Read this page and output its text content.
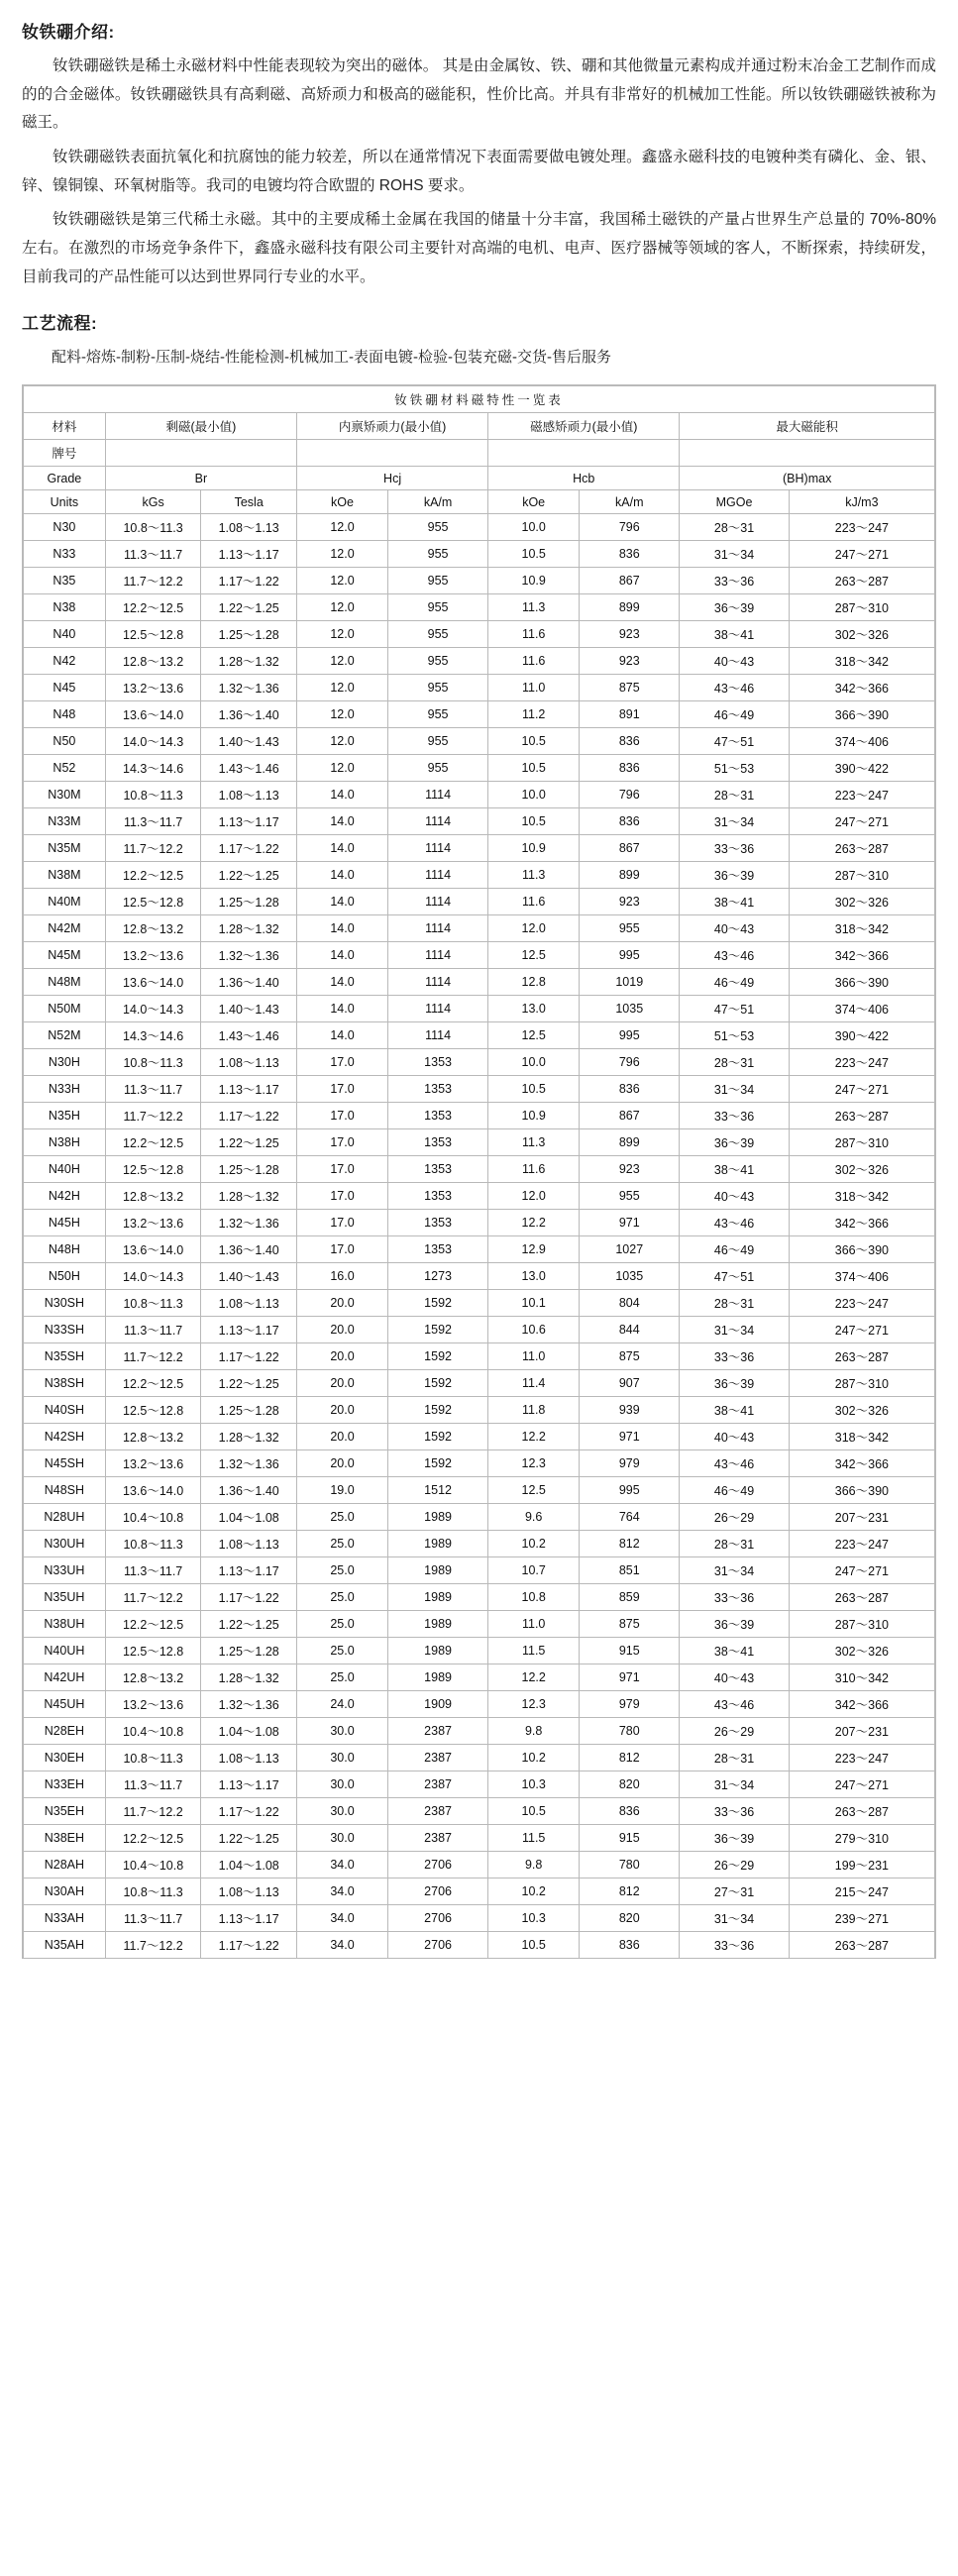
钕铁硼介绍:

钕铁硼磁铁是稀土永磁材料中性能表现较为突出的磁体。 其是由金属钕、铁、硼和其他微量元素构成并通过粉末冶金工艺制作而成的的合金磁体。钕铁硼磁铁具有高剩磁、高矫顽力和极高的磁能积，性价比高。并具有非常好的机械加工性能。所以钕铁硼磁铁被称为磁王。

钕铁硼磁铁表面抗氧化和抗腐蚀的能力较差，所以在通常情况下表面需要做电镀处理。鑫盛永磁科技的电镀种类有磷化、金、银、锌、镍铜镍、环氧树脂等。我司的电镀均符合欧盟的 ROHS 要求。

钕铁硼磁铁是第三代稀土永磁。其中的主要成稀土金属在我国的储量十分丰富，我国稀土磁铁的产量占世界生产总量的 70%-80%左右。在激烈的市场竞争条件下，鑫盛永磁科技有限公司主要针对高端的电机、电声、医疗器械等领域的客人，不断探索，持续研发，目前我司的产品性能可以达到世界同行专业的水平。

工艺流程:
配料-熔炼-制粉-压制-烧结-性能检测-机械加工-表面电镀-检验-包装充磁-交货-售后服务
钕铁硼材料磁特性一览表								
材料	剩磁(最小值)		内禀矫顽力(最小值)		磁感矫顽力(最小值)		最大磁能积	
牌号								
Grade	Br		Hcj		Hcb		(BH)max	
Units	kGs	Tesla	kOe	kA/m	kOe	kA/m	MGOe	kJ/m3
N30	10.8～11.3	1.08～1.13	12.0	955	10.0	796	28～31	223～247
N33	11.3～11.7	1.13～1.17	12.0	955	10.5	836	31～34	247～271
N35	11.7～12.2	1.17～1.22	12.0	955	10.9	867	33～36	263～287
N38	12.2～12.5	1.22～1.25	12.0	955	11.3	899	36～39	287～310
N40	12.5～12.8	1.25～1.28	12.0	955	11.6	923	38～41	302～326
N42	12.8～13.2	1.28～1.32	12.0	955	11.6	923	40～43	318～342
N45	13.2～13.6	1.32～1.36	12.0	955	11.0	875	43～46	342～366
N48	13.6～14.0	1.36～1.40	12.0	955	11.2	891	46～49	366～390
N50	14.0～14.3	1.40～1.43	12.0	955	10.5	836	47～51	374～406
N52	14.3～14.6	1.43～1.46	12.0	955	10.5	836	51～53	390～422
N30M	10.8～11.3	1.08～1.13	14.0	1114	10.0	796	28～31	223～247
N33M	11.3～11.7	1.13～1.17	14.0	1114	10.5	836	31～34	247～271
N35M	11.7～12.2	1.17～1.22	14.0	1114	10.9	867	33～36	263～287
N38M	12.2～12.5	1.22～1.25	14.0	1114	11.3	899	36～39	287～310
N40M	12.5～12.8	1.25～1.28	14.0	1114	11.6	923	38～41	302～326
N42M	12.8～13.2	1.28～1.32	14.0	1114	12.0	955	40～43	318～342
N45M	13.2～13.6	1.32～1.36	14.0	1114	12.5	995	43～46	342～366
N48M	13.6～14.0	1.36～1.40	14.0	1114	12.8	1019	46～49	366～390
N50M	14.0～14.3	1.40～1.43	14.0	1114	13.0	1035	47～51	374～406
N52M	14.3～14.6	1.43～1.46	14.0	1114	12.5	995	51～53	390～422
N30H	10.8～11.3	1.08～1.13	17.0	1353	10.0	796	28～31	223～247
N33H	11.3～11.7	1.13～1.17	17.0	1353	10.5	836	31～34	247～271
N35H	11.7～12.2	1.17～1.22	17.0	1353	10.9	867	33～36	263～287
N38H	12.2～12.5	1.22～1.25	17.0	1353	11.3	899	36～39	287～310
N40H	12.5～12.8	1.25～1.28	17.0	1353	11.6	923	38～41	302～326
N42H	12.8～13.2	1.28～1.32	17.0	1353	12.0	955	40～43	318～342
N45H	13.2～13.6	1.32～1.36	17.0	1353	12.2	971	43～46	342～366
N48H	13.6～14.0	1.36～1.40	17.0	1353	12.9	1027	46～49	366～390
N50H	14.0～14.3	1.40～1.43	16.0	1273	13.0	1035	47～51	374～406
N30SH	10.8～11.3	1.08～1.13	20.0	1592	10.1	804	28～31	223～247
N33SH	11.3～11.7	1.13～1.17	20.0	1592	10.6	844	31～34	247～271
N35SH	11.7～12.2	1.17～1.22	20.0	1592	11.0	875	33～36	263～287
N38SH	12.2～12.5	1.22～1.25	20.0	1592	11.4	907	36～39	287～310
N40SH	12.5～12.8	1.25～1.28	20.0	1592	11.8	939	38～41	302～326
N42SH	12.8～13.2	1.28～1.32	20.0	1592	12.2	971	40～43	318～342
N45SH	13.2～13.6	1.32～1.36	20.0	1592	12.3	979	43～46	342～366
N48SH	13.6～14.0	1.36～1.40	19.0	1512	12.5	995	46～49	366～390
N28UH	10.4～10.8	1.04～1.08	25.0	1989	9.6	764	26～29	207～231
N30UH	10.8～11.3	1.08～1.13	25.0	1989	10.2	812	28～31	223～247
N33UH	11.3～11.7	1.13～1.17	25.0	1989	10.7	851	31～34	247～271
N35UH	11.7～12.2	1.17～1.22	25.0	1989	10.8	859	33～36	263～287
N38UH	12.2～12.5	1.22～1.25	25.0	1989	11.0	875	36～39	287～310
N40UH	12.5～12.8	1.25～1.28	25.0	1989	11.5	915	38～41	302～326
N42UH	12.8～13.2	1.28～1.32	25.0	1989	12.2	971	40～43	310～342
N45UH	13.2～13.6	1.32～1.36	24.0	1909	12.3	979	43～46	342～366
N28EH	10.4～10.8	1.04～1.08	30.0	2387	9.8	780	26～29	207～231
N30EH	10.8～11.3	1.08～1.13	30.0	2387	10.2	812	28～31	223～247
N33EH	11.3～11.7	1.13～1.17	30.0	2387	10.3	820	31～34	247～271
N35EH	11.7～12.2	1.17～1.22	30.0	2387	10.5	836	33～36	263～287
N38EH	12.2～12.5	1.22～1.25	30.0	2387	11.5	915	36～39	279～310
N28AH	10.4～10.8	1.04～1.08	34.0	2706	9.8	780	26～29	199～231
N30AH	10.8～11.3	1.08～1.13	34.0	2706	10.2	812	27～31	215～247
N33AH	11.3～11.7	1.13～1.17	34.0	2706	10.3	820	31～34	239～271
N35AH	11.7～12.2	1.17～1.22	34.0	2706	10.5	836	33～36	263～287
